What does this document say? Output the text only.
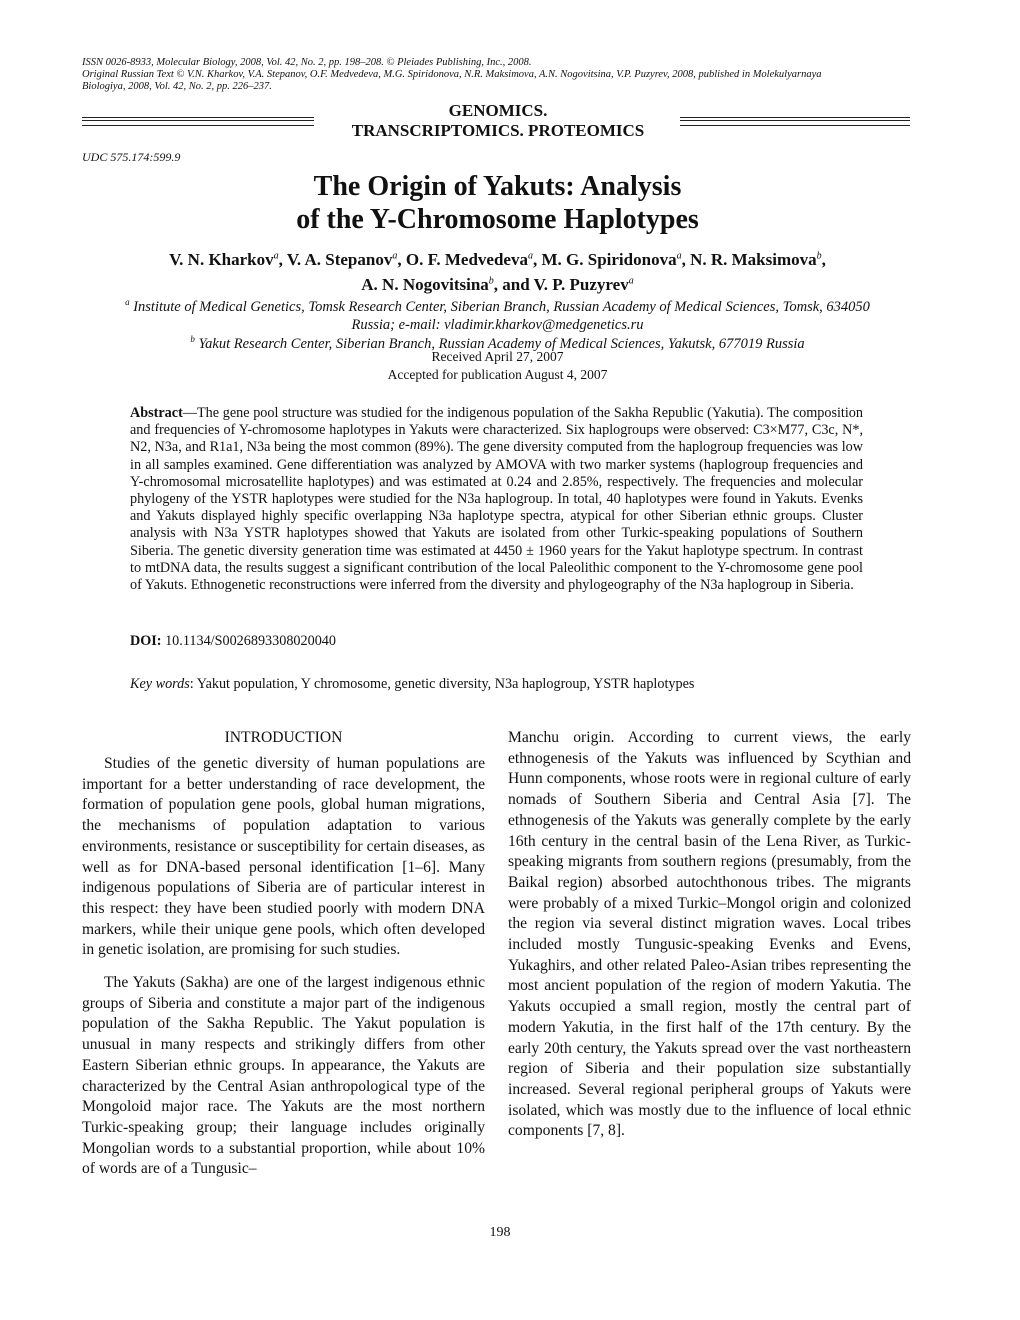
ISSN 0026-8933, Molecular Biology, 2008, Vol. 42, No. 2, pp. 198–208. © Pleiades Publishing, Inc., 2008.
Original Russian Text © V.N. Kharkov, V.A. Stepanov, O.F. Medvedeva, M.G. Spiridonova, N.R. Maksimova, A.N. Nogovitsina, V.P. Puzyrev, 2008, published in Molekulyarnaya
Biologiya, 2008, Vol. 42, No. 2, pp. 226–237.
GENOMICS.
TRANSCRIPTOMICS. PROTEOMICS
UDC 575.174:599.9
The Origin of Yakuts: Analysis
of the Y-Chromosome Haplotypes
V. N. Kharkov$^a$, V. A. Stepanov$^a$, O. F. Medvedeva$^a$, M. G. Spiridonova$^a$, N. R. Maksimova$^b$,
A. N. Nogovitsina$^b$, and V. P. Puzyrev$^a$
$^a$ Institute of Medical Genetics, Tomsk Research Center, Siberian Branch, Russian Academy of Medical Sciences, Tomsk, 634050 Russia; e-mail: vladimir.kharkov@medgenetics.ru
$^b$ Yakut Research Center, Siberian Branch, Russian Academy of Medical Sciences, Yakutsk, 677019 Russia
Received April 27, 2007
Accepted for publication August 4, 2007
Abstract—The gene pool structure was studied for the indigenous population of the Sakha Republic (Yakutia). The composition and frequencies of Y-chromosome haplotypes in Yakuts were characterized. Six haplogroups were observed: C3×M77, C3c, N*, N2, N3a, and R1a1, N3a being the most common (89%). The gene diversity computed from the haplogroup frequencies was low in all samples examined. Gene differentiation was analyzed by AMOVA with two marker systems (haplogroup frequencies and Y-chromosomal microsatellite haplotypes) and was estimated at 0.24 and 2.85%, respectively. The frequencies and molecular phylogeny of the YSTR haplotypes were studied for the N3a haplogroup. In total, 40 haplotypes were found in Yakuts. Evenks and Yakuts displayed highly specific overlapping N3a haplotype spectra, atypical for other Siberian ethnic groups. Cluster analysis with N3a YSTR haplotypes showed that Yakuts are isolated from other Turkic-speaking populations of Southern Siberia. The genetic diversity generation time was estimated at 4450 ± 1960 years for the Yakut haplotype spectrum. In contrast to mtDNA data, the results suggest a significant contribution of the local Paleolithic component to the Y-chromosome gene pool of Yakuts. Ethnogenetic reconstructions were inferred from the diversity and phylogeography of the N3a haplogroup in Siberia.
DOI: 10.1134/S0026893308020040
Key words: Yakut population, Y chromosome, genetic diversity, N3a haplogroup, YSTR haplotypes
INTRODUCTION

Studies of the genetic diversity of human populations are important for a better understanding of race development, the formation of population gene pools, global human migrations, the mechanisms of population adaptation to various environments, resistance or susceptibility for certain diseases, as well as for DNA-based personal identification [1–6]. Many indigenous populations of Siberia are of particular interest in this respect: they have been studied poorly with modern DNA markers, while their unique gene pools, which often developed in genetic isolation, are promising for such studies.

The Yakuts (Sakha) are one of the largest indigenous ethnic groups of Siberia and constitute a major part of the indigenous population of the Sakha Republic. The Yakut population is unusual in many respects and strikingly differs from other Eastern Siberian ethnic groups. In appearance, the Yakuts are characterized by the Central Asian anthropological type of the Mongoloid major race. The Yakuts are the most northern Turkic-speaking group; their language includes originally Mongolian words to a substantial proportion, while about 10% of words are of a Tungusic–

Manchu origin. According to current views, the early ethnogenesis of the Yakuts was influenced by Scythian and Hunn components, whose roots were in regional culture of early nomads of Southern Siberia and Central Asia [7]. The ethnogenesis of the Yakuts was generally complete by the early 16th century in the central basin of the Lena River, as Turkic-speaking migrants from southern regions (presumably, from the Baikal region) absorbed autochthonous tribes. The migrants were probably of a mixed Turkic–Mongol origin and colonized the region via several distinct migration waves. Local tribes included mostly Tungusic-speaking Evenks and Evens, Yukaghirs, and other related Paleo-Asian tribes representing the most ancient population of the region of modern Yakutia. The Yakuts occupied a small region, mostly the central part of modern Yakutia, in the first half of the 17th century. By the early 20th century, the Yakuts spread over the vast northeastern region of Siberia and their population size substantially increased. Several regional peripheral groups of Yakuts were isolated, which was mostly due to the influence of local ethnic components [7, 8].

198
